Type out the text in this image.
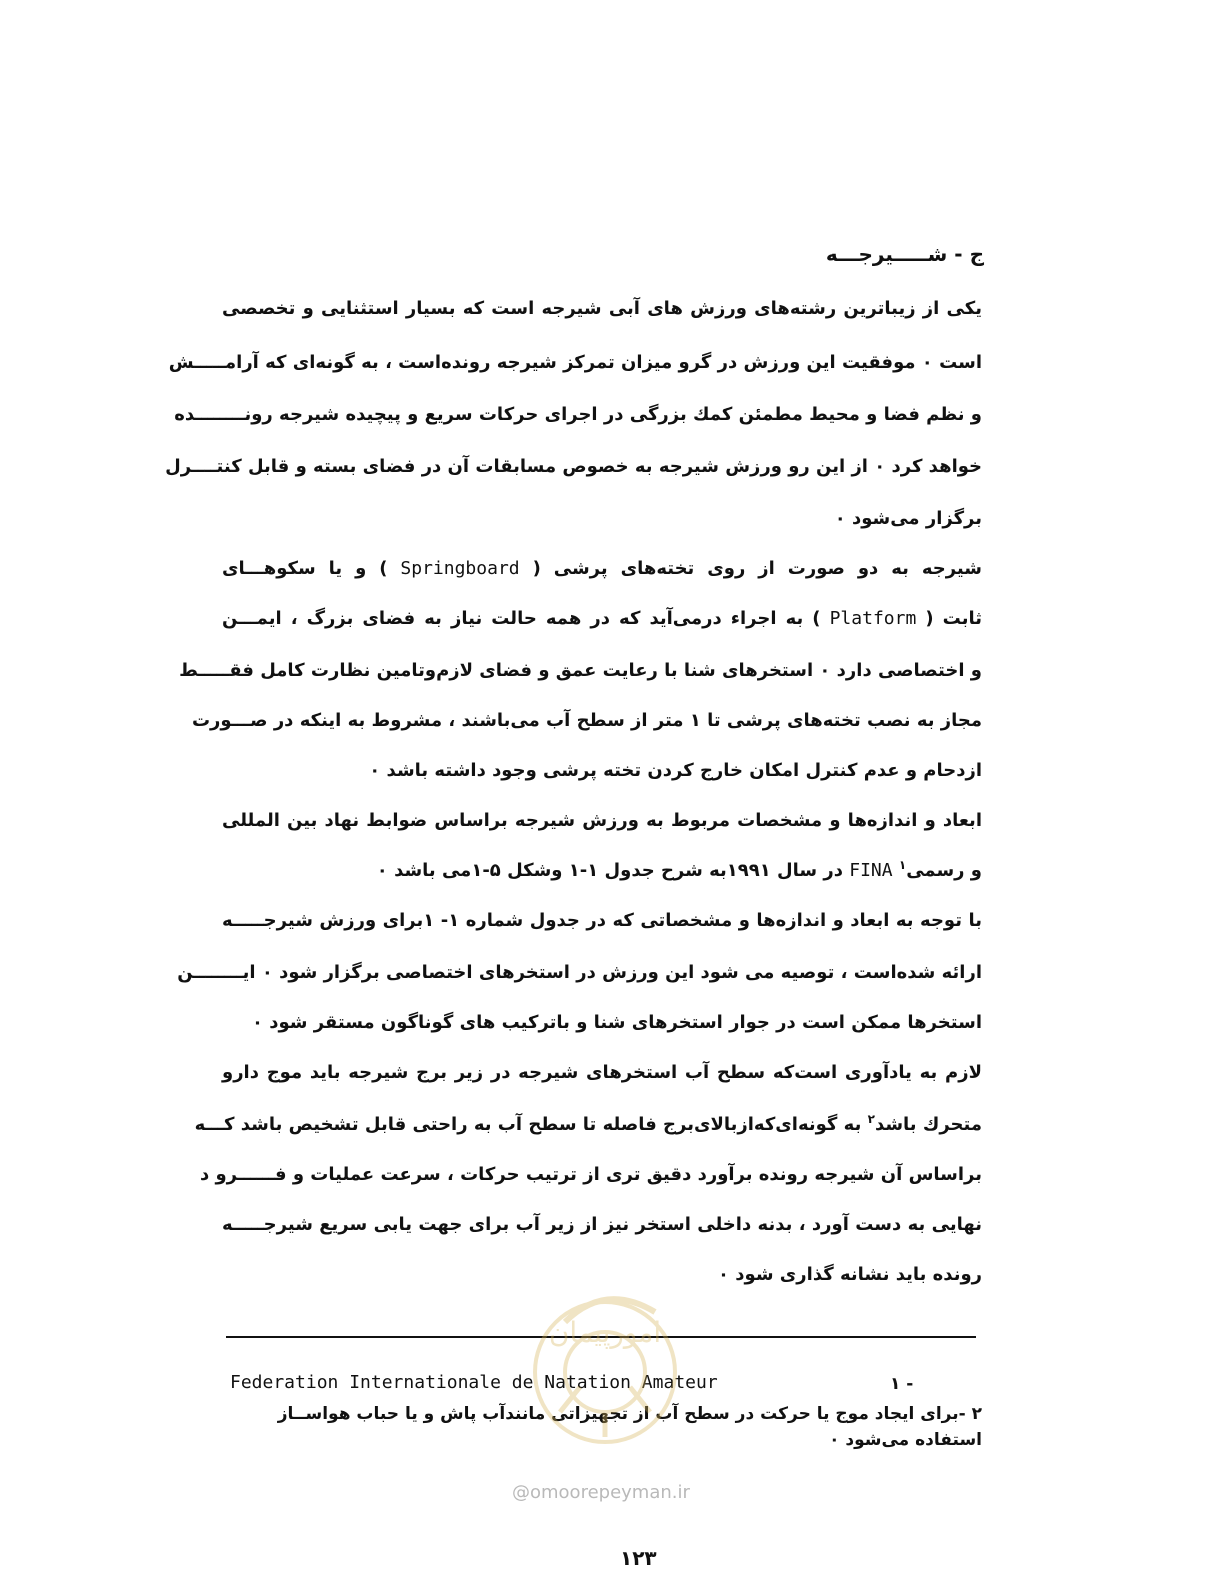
ج - شـــــيرجـــه
یکی از زیباترین رشته‌های ورزش های آبی شیرجه است که بسیار استثنایی و تخصصی
است ۰ موفقیت این ورزش در گرو میزان تمرکز شیرجه رونده‌است ، به گونه‌ای که آرامـــــش
و نظم فضا و محیط مطمئن کمك بزرگی در اجرای حرکات سریع و پیچیده شیرجه رونــــــــده
خواهد کرد ۰ از این رو ورزش شیرجه به خصوص مسابقات آن در فضای بسته و قابل کنتــــرل
برگزار می‌شود ۰
شیرجه به دو صورت از روی تخته‌های پرشی ( Springboard ) و یا سکوهـــای
ثابت ( Platform ) به اجراء درمی‌آید که در همه حالت نیاز به فضای بزرگ ، ایمـــن
و اختصاصی دارد ۰ استخرهای شنا با رعایت عمق و فضای لازم‌وتامین نظارت کامل فقـــــط
مجاز به نصب تخته‌های پرشی تا ۱ متر از سطح آب می‌باشند ، مشروط به اینکه در صـــورت
ازدحام و عدم کنترل امکان خارج کردن تخته پرشی وجود داشته باشد ۰
ابعاد و اندازه‌ها و مشخصات مربوط به ورزش شیرجه براساس ضوابط نهاد بین المللی
و رسمی$^۱$ FINA در سال ۱۹۹۱به شرح جدول ۱-۱ وشکل ۵-۱می باشد ۰
با توجه به ابعاد و اندازه‌ها و مشخصاتی که در جدول شماره ۱- ۱برای ورزش شیرجـــــه
ارائه شده‌است ، توصیه می شود این ورزش در استخرهای اختصاصی برگزار شود ۰ ایــــــــن
استخرها ممکن است در جوار استخرهای شنا و باترکیب های گوناگون مستقر شود ۰
لازم به یادآوری است‌که سطح آب استخرهای شیرجه در زیر برج شیرجه باید موج دارو
متحرك باشد$^۲$ به گونه‌ای‌که‌ازبالای‌برج فاصله تا سطح آب به راحتی قابل تشخیص باشد کـــه
براساس آن شیرجه رونده برآورد دقیق تری از ترتیب حرکات ، سرعت عملیات و فــــــرو د
نهایی به دست آورد ، بدنه داخلی استخر نیز از زیر آب برای جهت یابی سریع شیرجـــــه
رونده باید نشانه گذاری شود ۰
۱ -
Federation Internationale de Natation Amateur
۲ -برای ایجاد موج یا حرکت در سطح آب از تجهیزاتی مانندآب پاش و یا حباب هواســاز
استفاده می‌شود ۰
امورپیمان
@omoorepeyman.ir
۱۲۳
